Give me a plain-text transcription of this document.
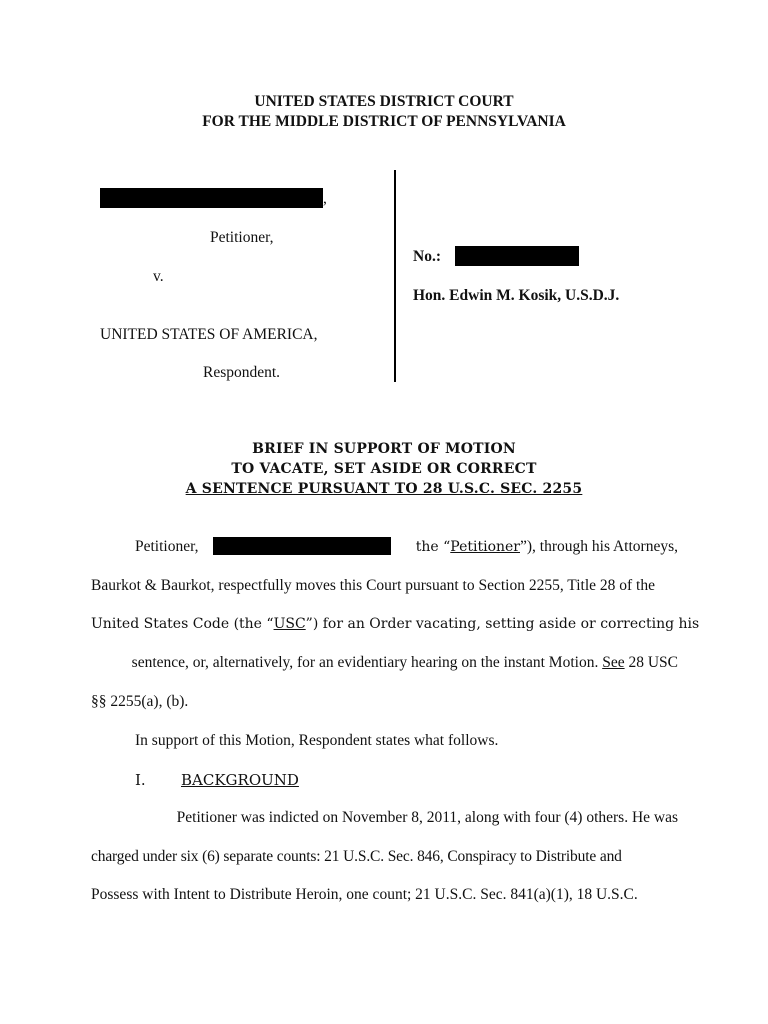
UNITED STATES DISTRICT COURT
FOR THE MIDDLE DISTRICT OF PENNSYLVANIA
,
Petitioner,
v.
UNITED STATES OF AMERICA,
Respondent.
No.:
Hon. Edwin M. Kosik, U.S.D.J.
BRIEF IN SUPPORT OF MOTION
TO VACATE, SET ASIDE OR CORRECT
A SENTENCE PURSUANT TO 28 U.S.C. SEC. 2255
Petitioner,	the “Petitioner”), through his Attorneys,
Baurkot & Baurkot, respectfully moves this Court pursuant to Section 2255, Title 28 of the
United States Code (the “USC”) for an Order vacating, setting aside or correcting his
sentence, or, alternatively, for an evidentiary hearing on the instant Motion. See 28 USC
§§ 2255(a), (b).
In support of this Motion, Respondent states what follows.
I. BACKGROUND
Petitioner was indicted on November 8, 2011, along with four (4) others. He was
charged under six (6) separate counts: 21 U.S.C. Sec. 846, Conspiracy to Distribute and
Possess with Intent to Distribute Heroin, one count; 21 U.S.C. Sec. 841(a)(1), 18 U.S.C.
